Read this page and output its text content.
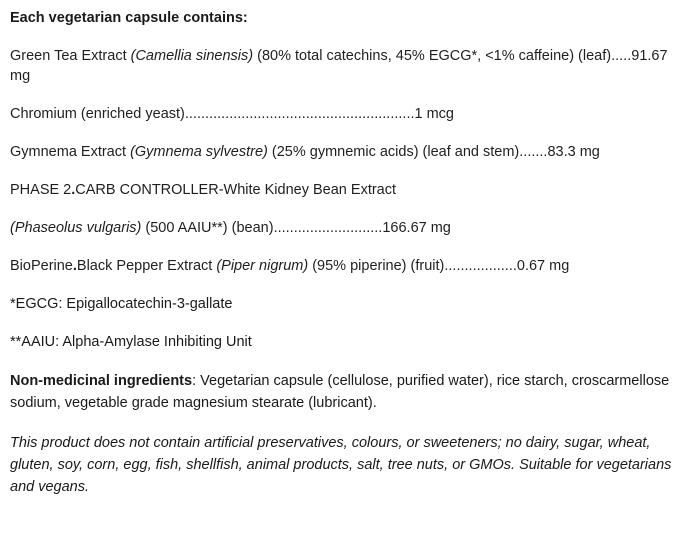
Each vegetarian capsule contains:
Green Tea Extract (Camellia sinensis) (80% total catechins, 45% EGCG*, <1% caffeine) (leaf).....91.67 mg
Chromium (enriched yeast).........................................................1 mcg
Gymnema Extract (Gymnema sylvestre) (25% gymnemic acids) (leaf and stem).......83.3 mg
PHASE 2.CARB CONTROLLER-White Kidney Bean Extract
(Phaseolus vulgaris) (500 AAIU**) (bean)...........................166.67 mg
BioPerine.Black Pepper Extract (Piper nigrum) (95% piperine) (fruit)..................0.67 mg
*EGCG: Epigallocatechin-3-gallate
**AAIU: Alpha-Amylase Inhibiting Unit
Non-medicinal ingredients: Vegetarian capsule (cellulose, purified water), rice starch, croscarmellose sodium, vegetable grade magnesium stearate (lubricant).
This product does not contain artificial preservatives, colours, or sweeteners; no dairy, sugar, wheat, gluten, soy, corn, egg, fish, shellfish, animal products, salt, tree nuts, or GMOs. Suitable for vegetarians and vegans.
